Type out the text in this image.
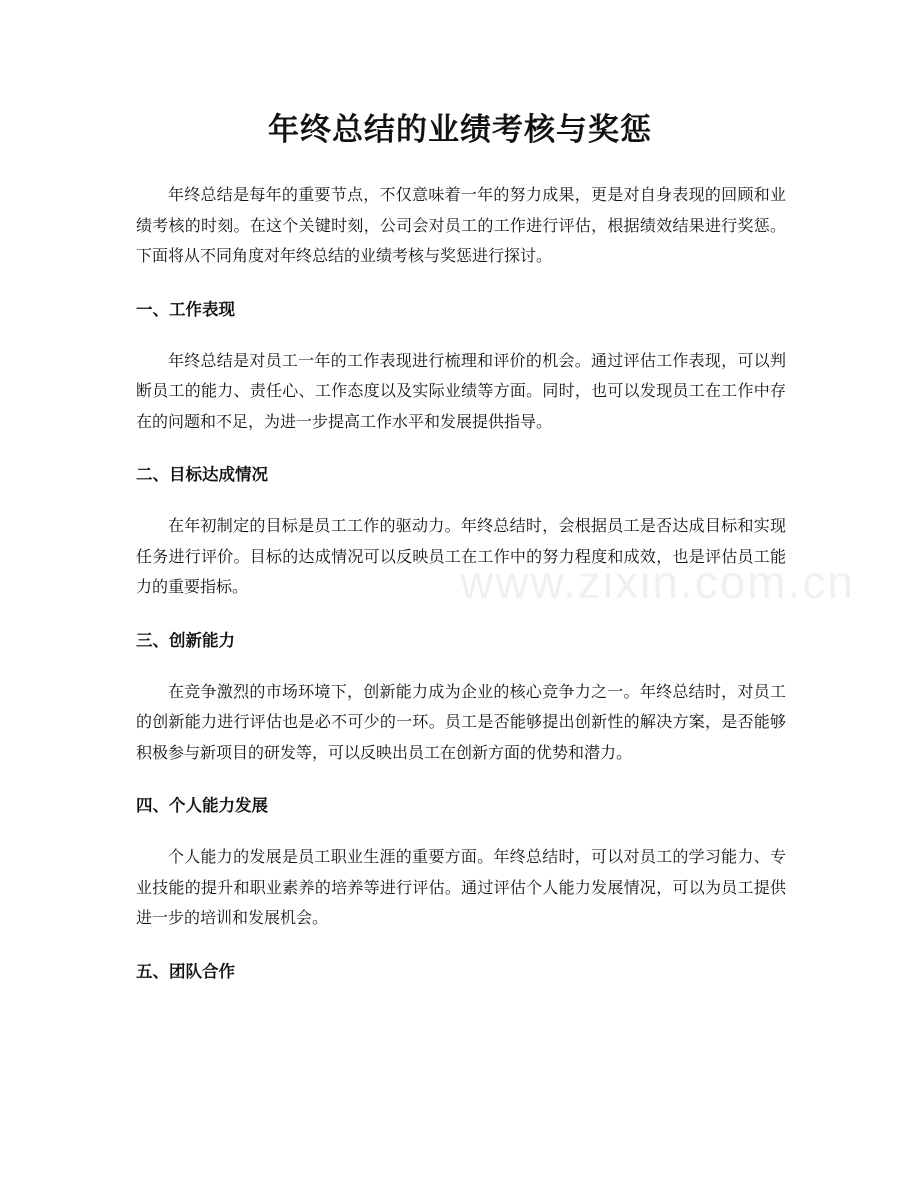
年终总结的业绩考核与奖惩

年终总结是每年的重要节点，不仅意味着一年的努力成果，更是对自身表现的回顾和业绩考核的时刻。在这个关键时刻，公司会对员工的工作进行评估，根据绩效结果进行奖惩。下面将从不同角度对年终总结的业绩考核与奖惩进行探讨。

一、工作表现

年终总结是对员工一年的工作表现进行梳理和评价的机会。通过评估工作表现，可以判断员工的能力、责任心、工作态度以及实际业绩等方面。同时，也可以发现员工在工作中存在的问题和不足，为进一步提高工作水平和发展提供指导。

二、目标达成情况

在年初制定的目标是员工工作的驱动力。年终总结时，会根据员工是否达成目标和实现任务进行评价。目标的达成情况可以反映员工在工作中的努力程度和成效，也是评估员工能力的重要指标。

三、创新能力

在竞争激烈的市场环境下，创新能力成为企业的核心竞争力之一。年终总结时，对员工的创新能力进行评估也是必不可少的一环。员工是否能够提出创新性的解决方案，是否能够积极参与新项目的研发等，可以反映出员工在创新方面的优势和潜力。

四、个人能力发展

个人能力的发展是员工职业生涯的重要方面。年终总结时，可以对员工的学习能力、专业技能的提升和职业素养的培养等进行评估。通过评估个人能力发展情况，可以为员工提供进一步的培训和发展机会。

五、团队合作
www.zixin.com.cn
